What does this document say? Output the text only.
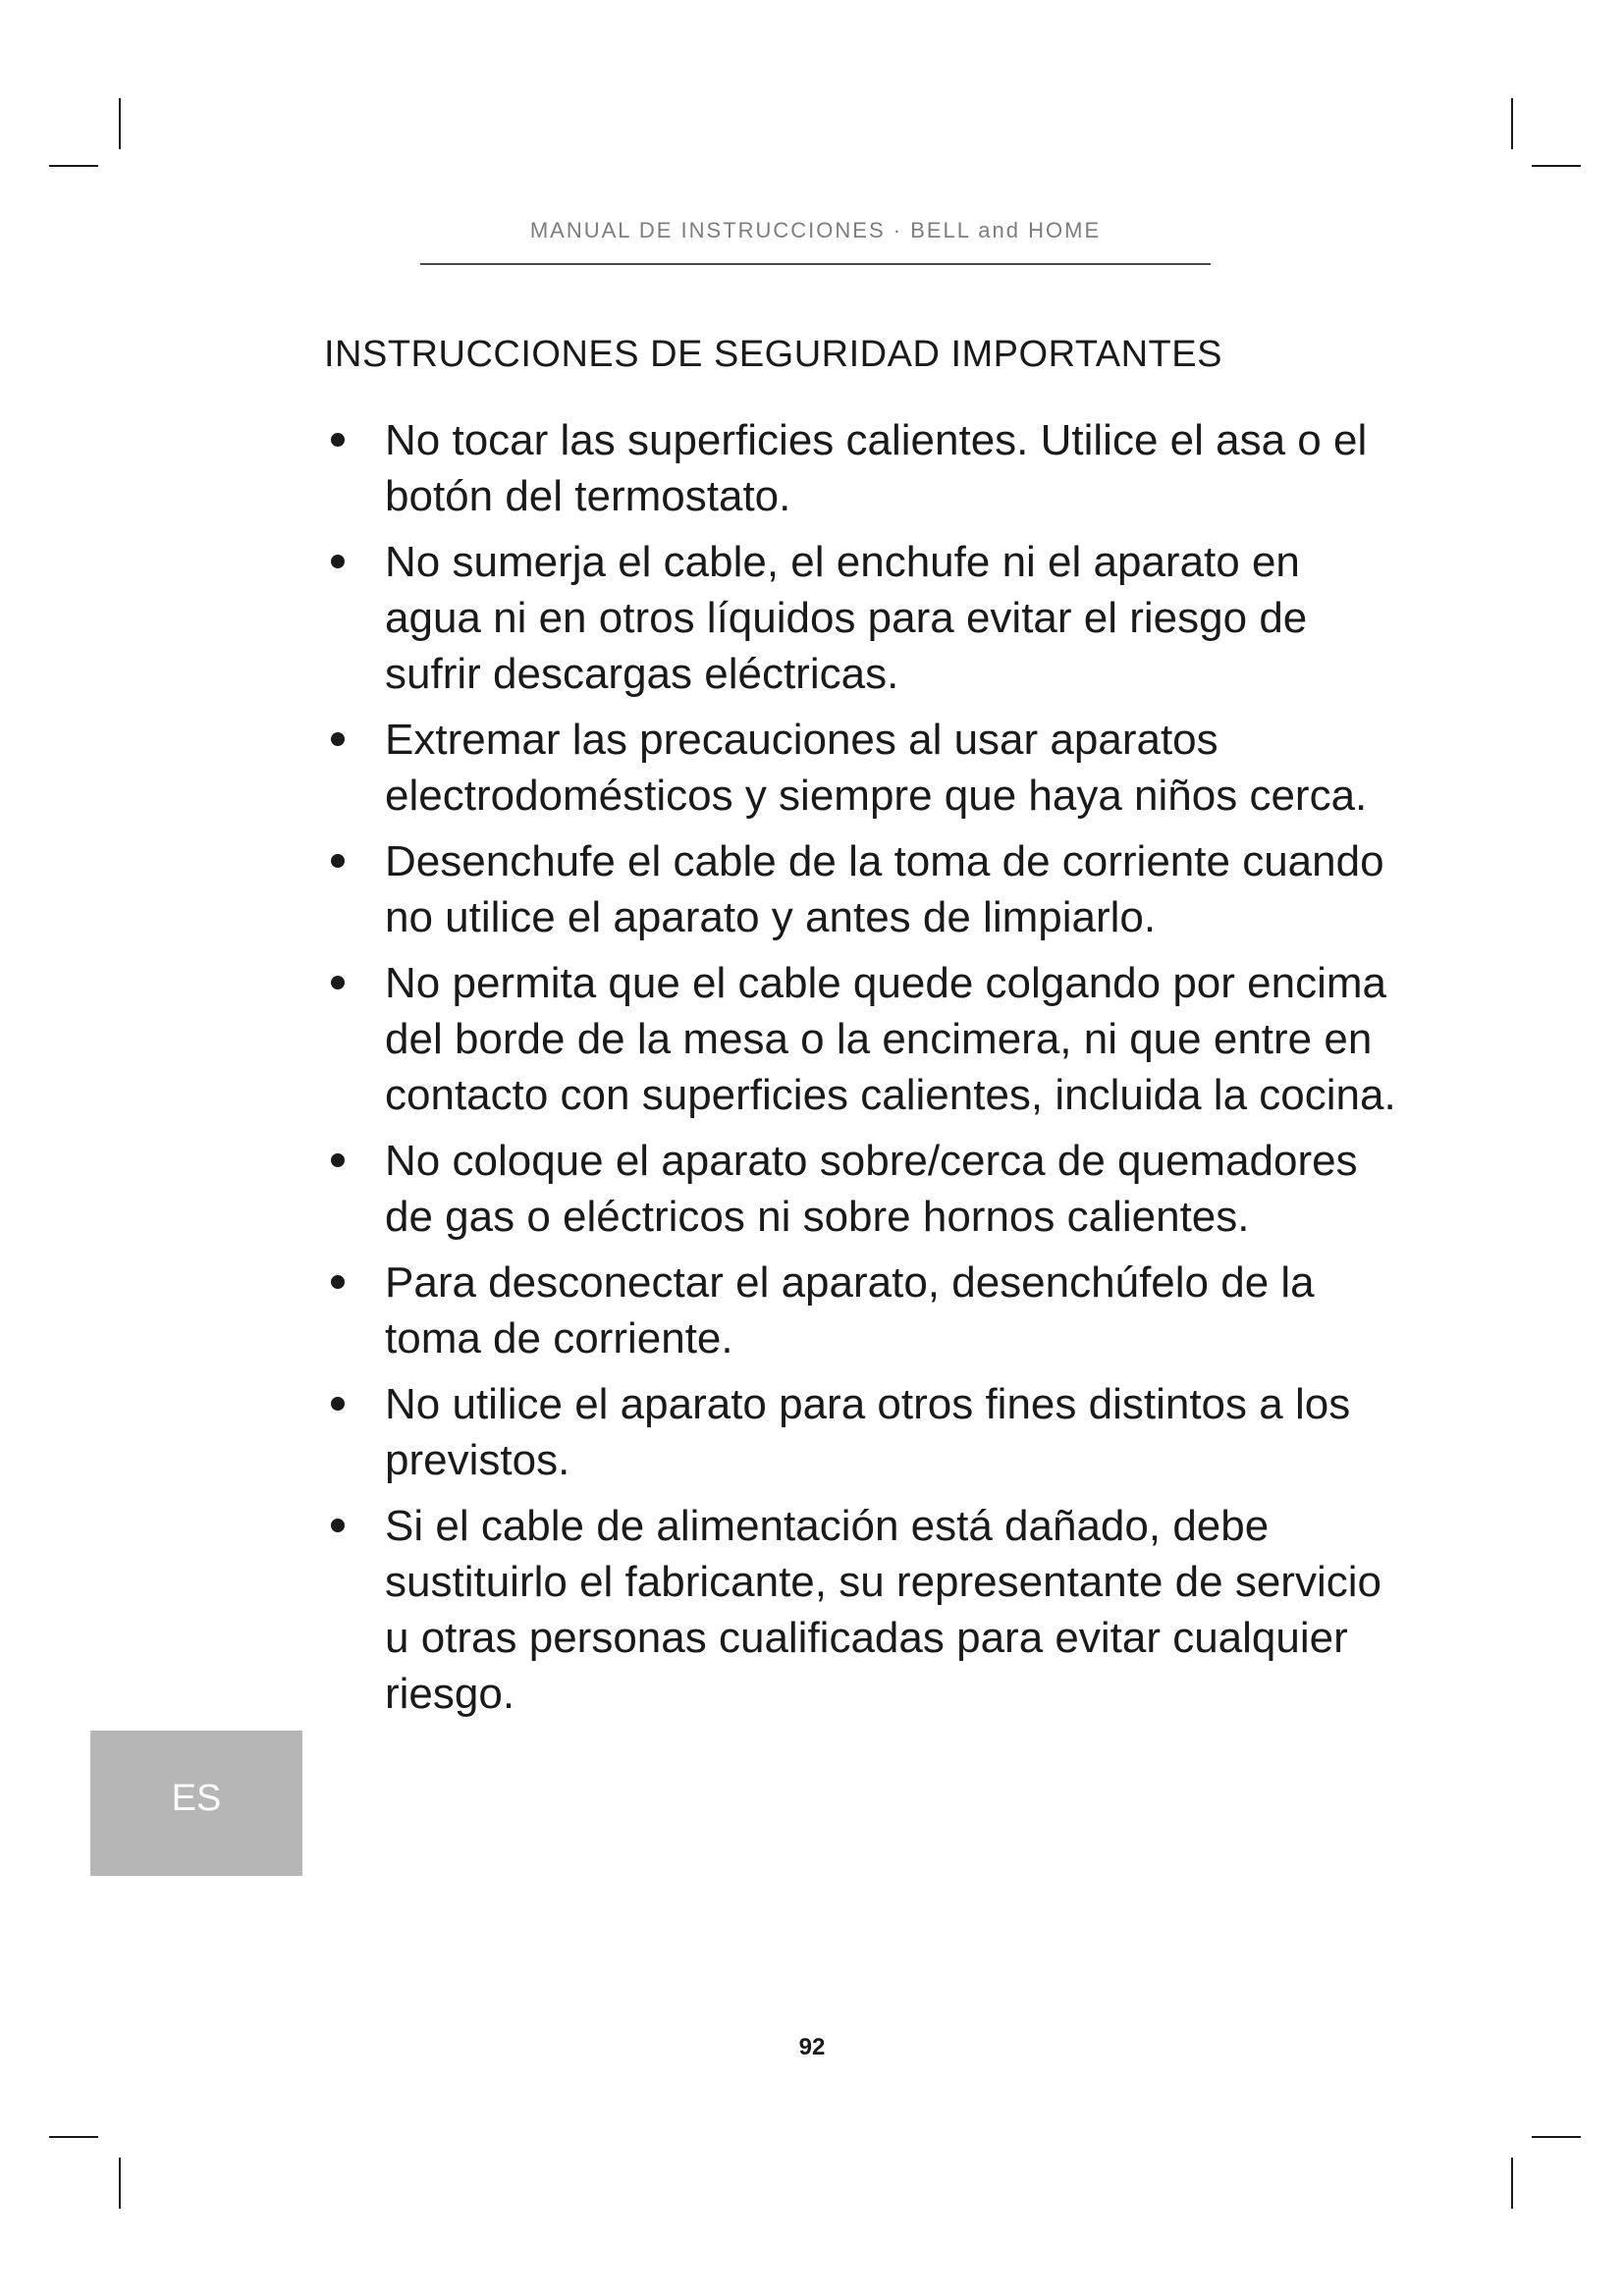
MANUAL DE INSTRUCCIONES · BELL and HOME
INSTRUCCIONES DE SEGURIDAD IMPORTANTES
No tocar las superficies calientes. Utilice el asa o el botón del termostato.
No sumerja el cable, el enchufe ni el aparato en agua ni en otros líquidos para evitar el riesgo de sufrir descargas eléctricas.
Extremar las precauciones al usar aparatos electrodomésticos y siempre que haya niños cerca.
Desenchufe el cable de la toma de corriente cuando no utilice el aparato y antes de limpiarlo.
No permita que el cable quede colgando por encima del borde de la mesa o la encimera, ni que entre en contacto con superficies calientes, incluida la cocina.
No coloque el aparato sobre/cerca de quemadores de gas o eléctricos ni sobre hornos calientes.
Para desconectar el aparato, desenchúfelo de la toma de corriente.
No utilice el aparato para otros fines distintos a los previstos.
Si el cable de alimentación está dañado, debe sustituirlo el fabricante, su representante de servicio u otras personas cualificadas para evitar cualquier riesgo.
ES
92
